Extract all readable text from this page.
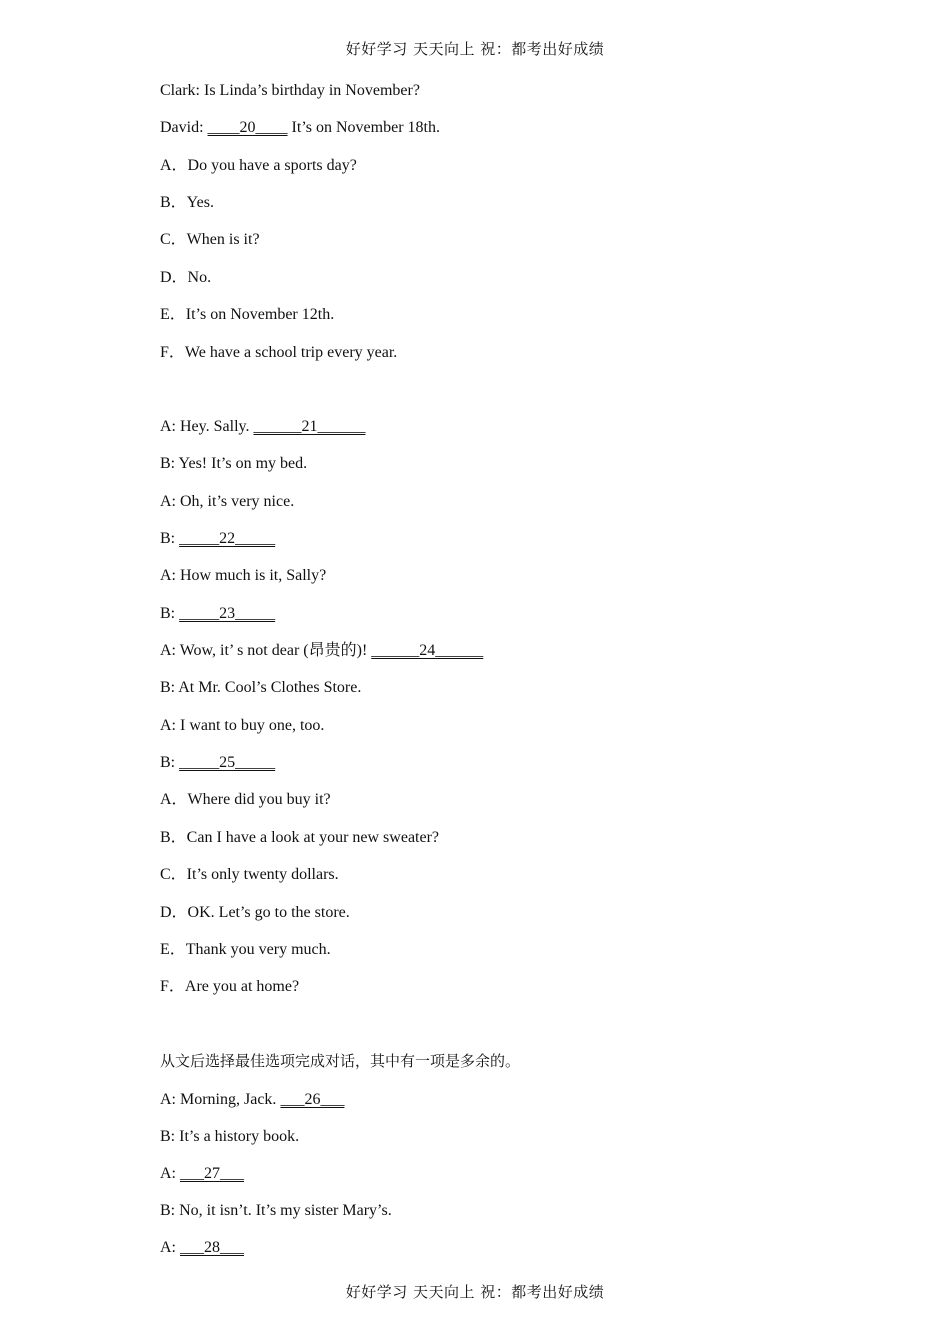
好好学习 天天向上 祝：都考出好成绩
Clark: Is Linda’s birthday in November?
David: ____20____ It’s on November 18th.
A．Do you have a sports day?
B．Yes.
C．When is it?
D．No.
E．It’s on November 12th.
F．We have a school trip every year.
A: Hey. Sally. ______21______
B: Yes! It’s on my bed.
A: Oh, it’s very nice.
B: _____22_____
A: How much is it, Sally?
B: _____23_____
A: Wow, it’ s not dear (昂贵的)! ______24______
B: At Mr. Cool’s Clothes Store.
A: I want to buy one, too.
B: _____25_____
A．Where did you buy it?
B．Can I have a look at your new sweater?
C．It’s only twenty dollars.
D．OK. Let’s go to the store.
E．Thank you very much.
F．Are you at home?
从文后选择最佳选项完成对话，其中有一项是多余的。
A: Morning, Jack. ___26___
B: It’s a history book.
A: ___27___
B: No, it isn’t. It’s my sister Mary’s.
A: ___28___
好好学习 天天向上 祝：都考出好成绩
